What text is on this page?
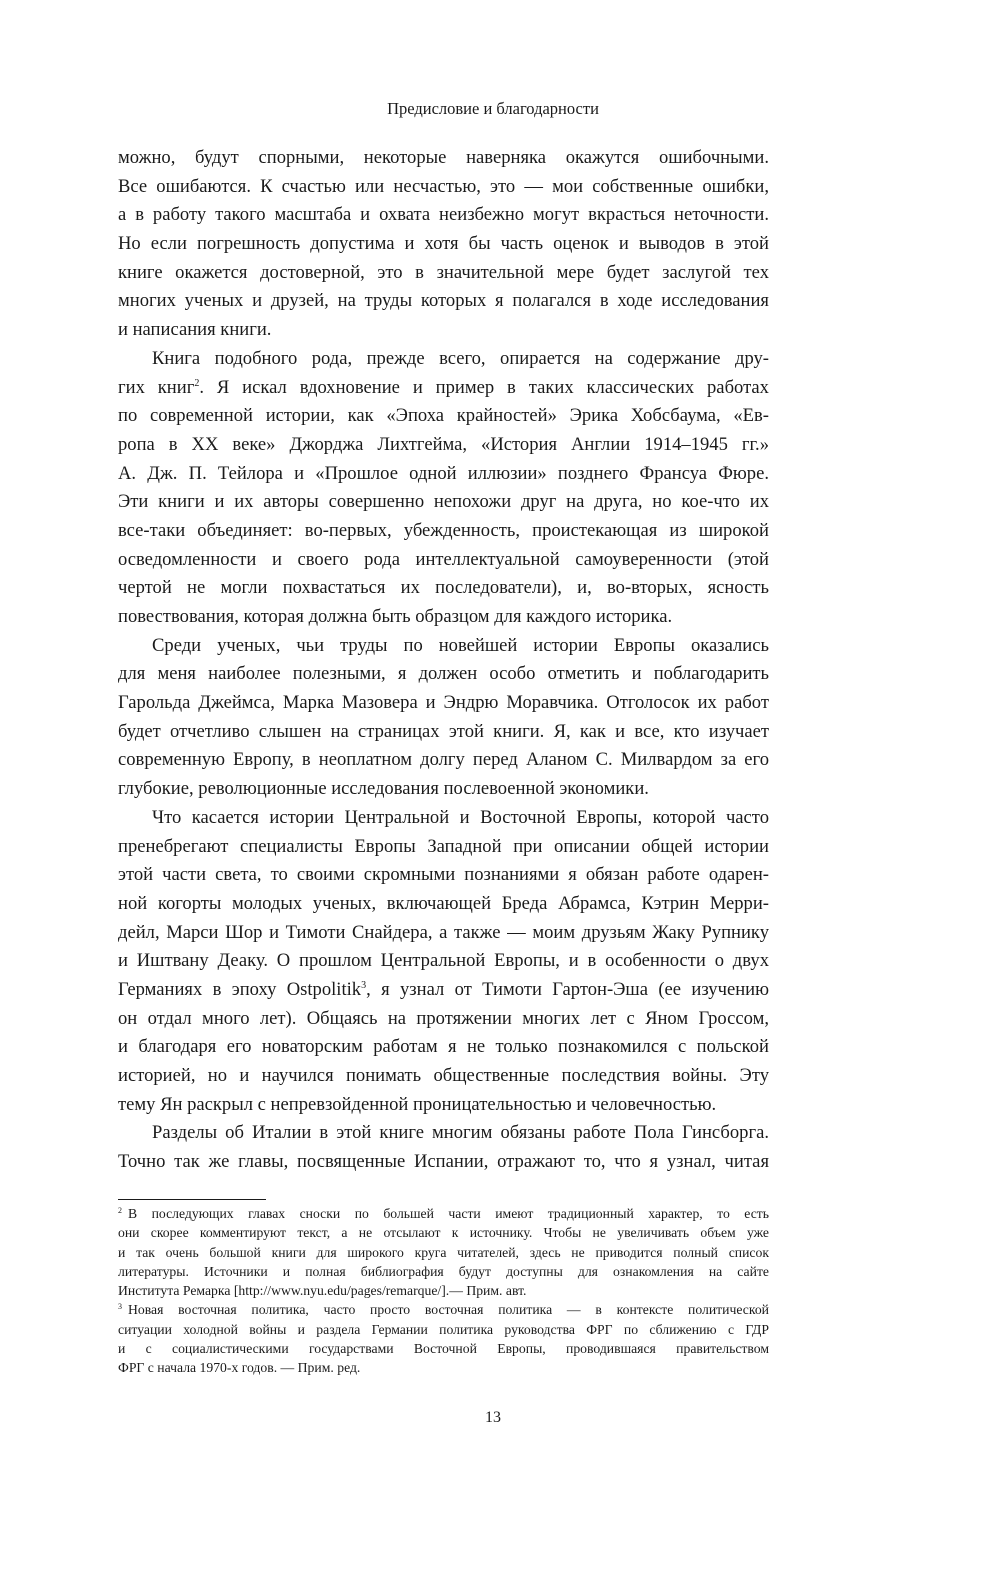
Предисловие и благодарности
можно, будут спорными, некоторые наверняка окажутся ошибочными.
Все ошибаются. К счастью или несчастью, это — мои собственные ошибки,
а в работу такого масштаба и охвата неизбежно могут вкрасться неточности.
Но если погрешность допустима и хотя бы часть оценок и выводов в этой
книге окажется достоверной, это в значительной мере будет заслугой тех
многих ученых и друзей, на труды которых я полагался в ходе исследования
и написания книги.
Книга подобного рода, прежде всего, опирается на содержание дру-
гих книг$^2$. Я искал вдохновение и пример в таких классических работах
по современной истории, как «Эпоха крайностей» Эрика Хобсбаума, «Ев-
ропа в XX веке» Джорджа Лихтгейма, «История Англии 1914–1945 гг.»
А. Дж. П. Тейлора и «Прошлое одной иллюзии» позднего Франсуа Фюре.
Эти книги и их авторы совершенно непохожи друг на друга, но кое-что их
все-таки объединяет: во-первых, убежденность, проистекающая из широкой
осведомленности и своего рода интеллектуальной самоуверенности (этой
чертой не могли похвастаться их последователи), и, во-вторых, ясность
повествования, которая должна быть образцом для каждого историка.
Среди ученых, чьи труды по новейшей истории Европы оказались
для меня наиболее полезными, я должен особо отметить и поблагодарить
Гарольда Джеймса, Марка Мазовера и Эндрю Моравчика. Отголосок их работ
будет отчетливо слышен на страницах этой книги. Я, как и все, кто изучает
современную Европу, в неоплатном долгу перед Аланом С. Милвардом за его
глубокие, революционные исследования послевоенной экономики.
Что касается истории Центральной и Восточной Европы, которой часто
пренебрегают специалисты Европы Западной при описании общей истории
этой части света, то своими скромными познаниями я обязан работе одарен-
ной когорты молодых ученых, включающей Бреда Абрамса, Кэтрин Мерри-
дейл, Марси Шор и Тимоти Снайдера, а также — моим друзьям Жаку Рупнику
и Иштвану Деаку. О прошлом Центральной Европы, и в особенности о двух
Германиях в эпоху Ostpolitik$^3$, я узнал от Тимоти Гартон-Эша (ее изучению
он отдал много лет). Общаясь на протяжении многих лет с Яном Гроссом,
и благодаря его новаторским работам я не только познакомился с польской
историей, но и научился понимать общественные последствия войны. Эту
тему Ян раскрыл с непревзойденной проницательностью и человечностью.
Разделы об Италии в этой книге многим обязаны работе Пола Гинсборга.
Точно так же главы, посвященные Испании, отражают то, что я узнал, читая
$^2$ В последующих главах сноски по большей части имеют традиционный характер, то есть
они скорее комментируют текст, а не отсылают к источнику. Чтобы не увеличивать объем уже
и так очень большой книги для широкого круга читателей, здесь не приводится полный список
литературы. Источники и полная библиография будут доступны для ознакомления на сайте
Института Ремарка [http://www.nyu.edu/pages/remarque/].— Прим. авт.
$^3$ Новая восточная политика, часто просто восточная политика — в контексте политической
ситуации холодной войны и раздела Германии политика руководства ФРГ по сближению с ГДР
и с социалистическими государствами Восточной Европы, проводившаяся правительством
ФРГ с начала 1970-х годов. — Прим. ред.
13
